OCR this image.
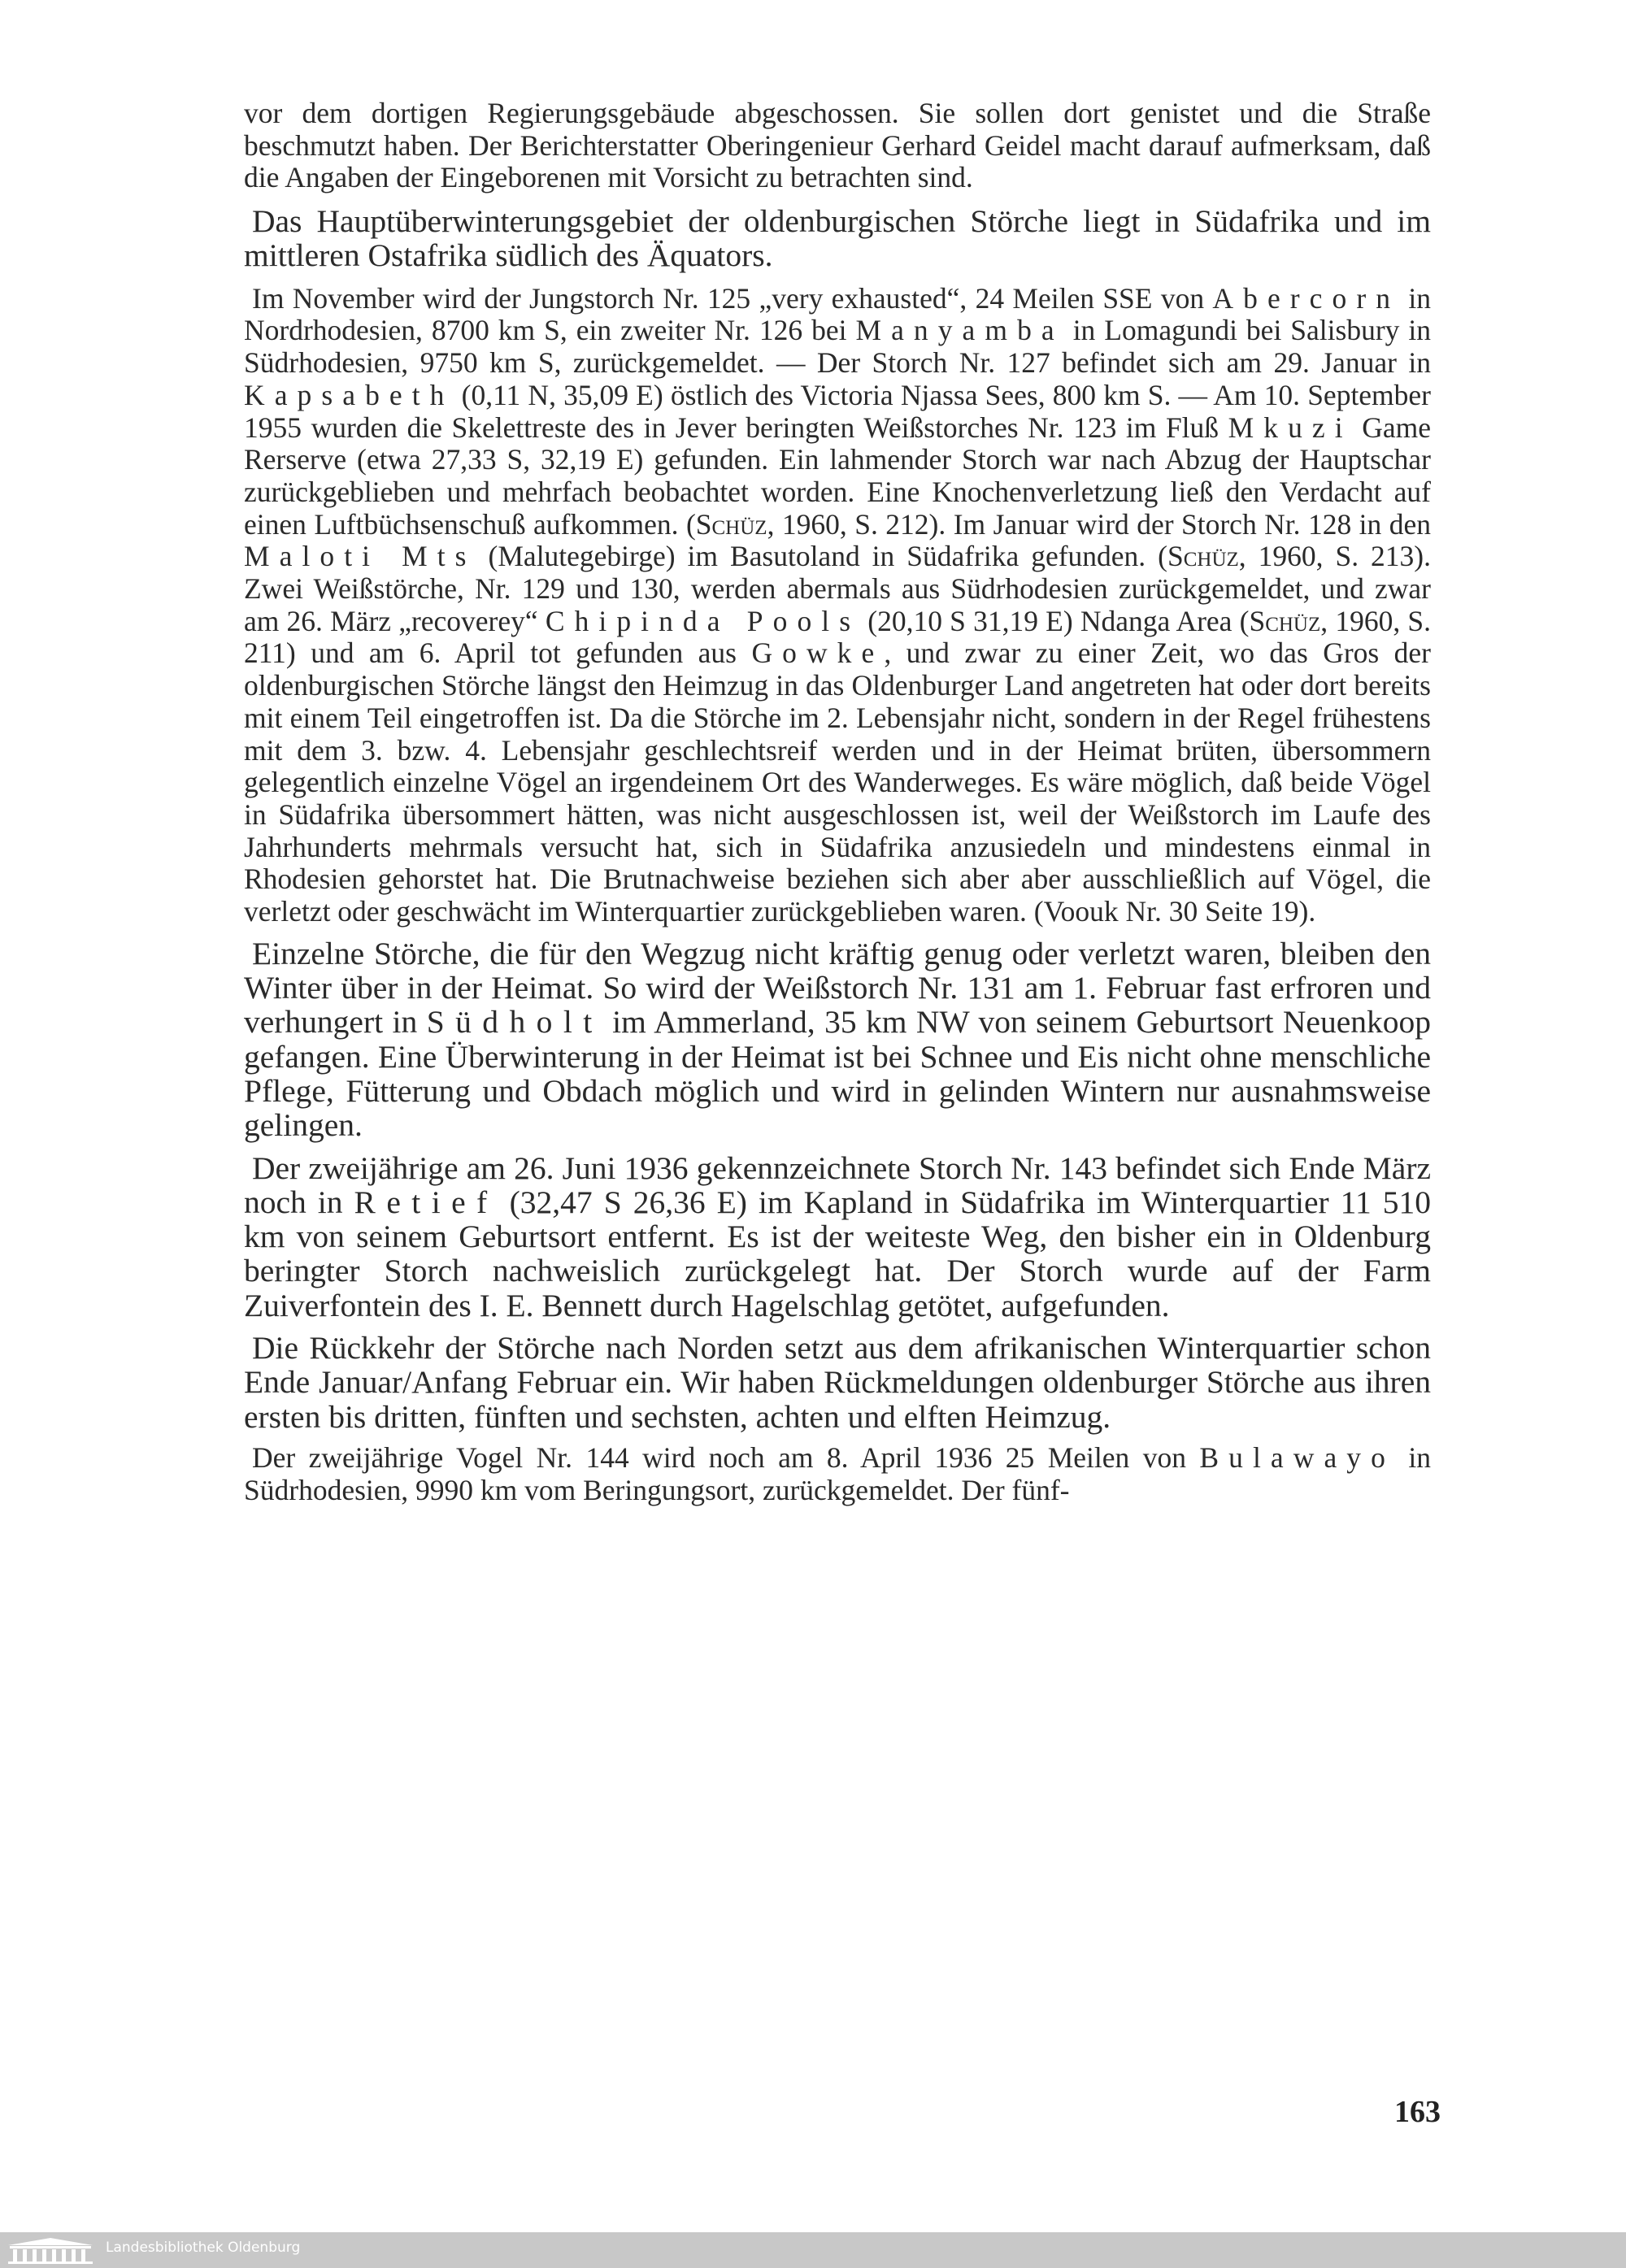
vor dem dortigen Regierungsgebäude abgeschossen. Sie sollen dort genistet und die Straße beschmutzt haben. Der Berichterstatter Oberingenieur Gerhard Geidel macht darauf aufmerksam, daß die Angaben der Eingeborenen mit Vorsicht zu betrachten sind.

Das Hauptüberwinterungsgebiet der oldenburgischen Störche liegt in Südafrika und im mittleren Ostafrika südlich des Äquators.

Im November wird der Jungstorch Nr. 125 „very exhausted“, 24 Meilen SSE von Abercorn in Nordrhodesien, 8700 km S, ein zweiter Nr. 126 bei Manyamba in Lomagundi bei Salisbury in Südrhodesien, 9750 km S, zurückgemeldet. — Der Storch Nr. 127 befindet sich am 29. Januar in Kapsabeth (0,11 N, 35,09 E) östlich des Victoria Njassa Sees, 800 km S. — Am 10. September 1955 wurden die Skelettreste des in Jever beringten Weißstorches Nr. 123 im Fluß Mkuzi Game Rerserve (etwa 27,33 S, 32,19 E) gefunden. Ein lahmender Storch war nach Abzug der Hauptschar zurückgeblieben und mehrfach beobachtet worden. Eine Knochenverletzung ließ den Verdacht auf einen Luftbüchsenschuß aufkommen. (Schüz, 1960, S. 212). Im Januar wird der Storch Nr. 128 in den Maloti Mts (Malutegebirge) im Basutoland in Südafrika gefunden. (Schüz, 1960, S. 213). Zwei Weißstörche, Nr. 129 und 130, werden abermals aus Südrhodesien zurückgemeldet, und zwar am 26. März „recoverey“ Chipinda Pools (20,10 S 31,19 E) Ndanga Area (Schüz, 1960, S. 211) und am 6. April tot gefunden aus Gowke, und zwar zu einer Zeit, wo das Gros der oldenburgischen Störche längst den Heimzug in das Oldenburger Land angetreten hat oder dort bereits mit einem Teil eingetroffen ist. Da die Störche im 2. Lebensjahr nicht, sondern in der Regel frühestens mit dem 3. bzw. 4. Lebensjahr geschlechtsreif werden und in der Heimat brüten, übersommern gelegentlich einzelne Vögel an irgendeinem Ort des Wanderweges. Es wäre möglich, daß beide Vögel in Südafrika übersommert hätten, was nicht ausgeschlossen ist, weil der Weißstorch im Laufe des Jahrhunderts mehrmals versucht hat, sich in Südafrika anzusiedeln und mindestens einmal in Rhodesien gehorstet hat. Die Brutnachweise beziehen sich aber aber ausschließlich auf Vögel, die verletzt oder geschwächt im Winterquartier zurückgeblieben waren. (Voouk Nr. 30 Seite 19).

Einzelne Störche, die für den Wegzug nicht kräftig genug oder verletzt waren, bleiben den Winter über in der Heimat. So wird der Weißstorch Nr. 131 am 1. Februar fast erfroren und verhungert in Südholt im Ammerland, 35 km NW von seinem Geburtsort Neuenkoop gefangen. Eine Überwinterung in der Heimat ist bei Schnee und Eis nicht ohne menschliche Pflege, Fütterung und Obdach möglich und wird in gelinden Wintern nur ausnahmsweise gelingen.

Der zweijährige am 26. Juni 1936 gekennzeichnete Storch Nr. 143 befindet sich Ende März noch in Retief (32,47 S 26,36 E) im Kapland in Südafrika im Winterquartier 11 510 km von seinem Geburtsort entfernt. Es ist der weiteste Weg, den bisher ein in Oldenburg beringter Storch nachweislich zurückgelegt hat. Der Storch wurde auf der Farm Zuiverfontein des I. E. Bennett durch Hagelschlag getötet, aufgefunden.

Die Rückkehr der Störche nach Norden setzt aus dem afrikanischen Winterquartier schon Ende Januar/Anfang Februar ein. Wir haben Rückmeldungen oldenburger Störche aus ihren ersten bis dritten, fünften und sechsten, achten und elften Heimzug.

Der zweijährige Vogel Nr. 144 wird noch am 8. April 1936 25 Meilen von Bulawayo in Südrhodesien, 9990 km vom Beringungsort, zurückgemeldet. Der fünf-

163
Landesbibliothek Oldenburg
